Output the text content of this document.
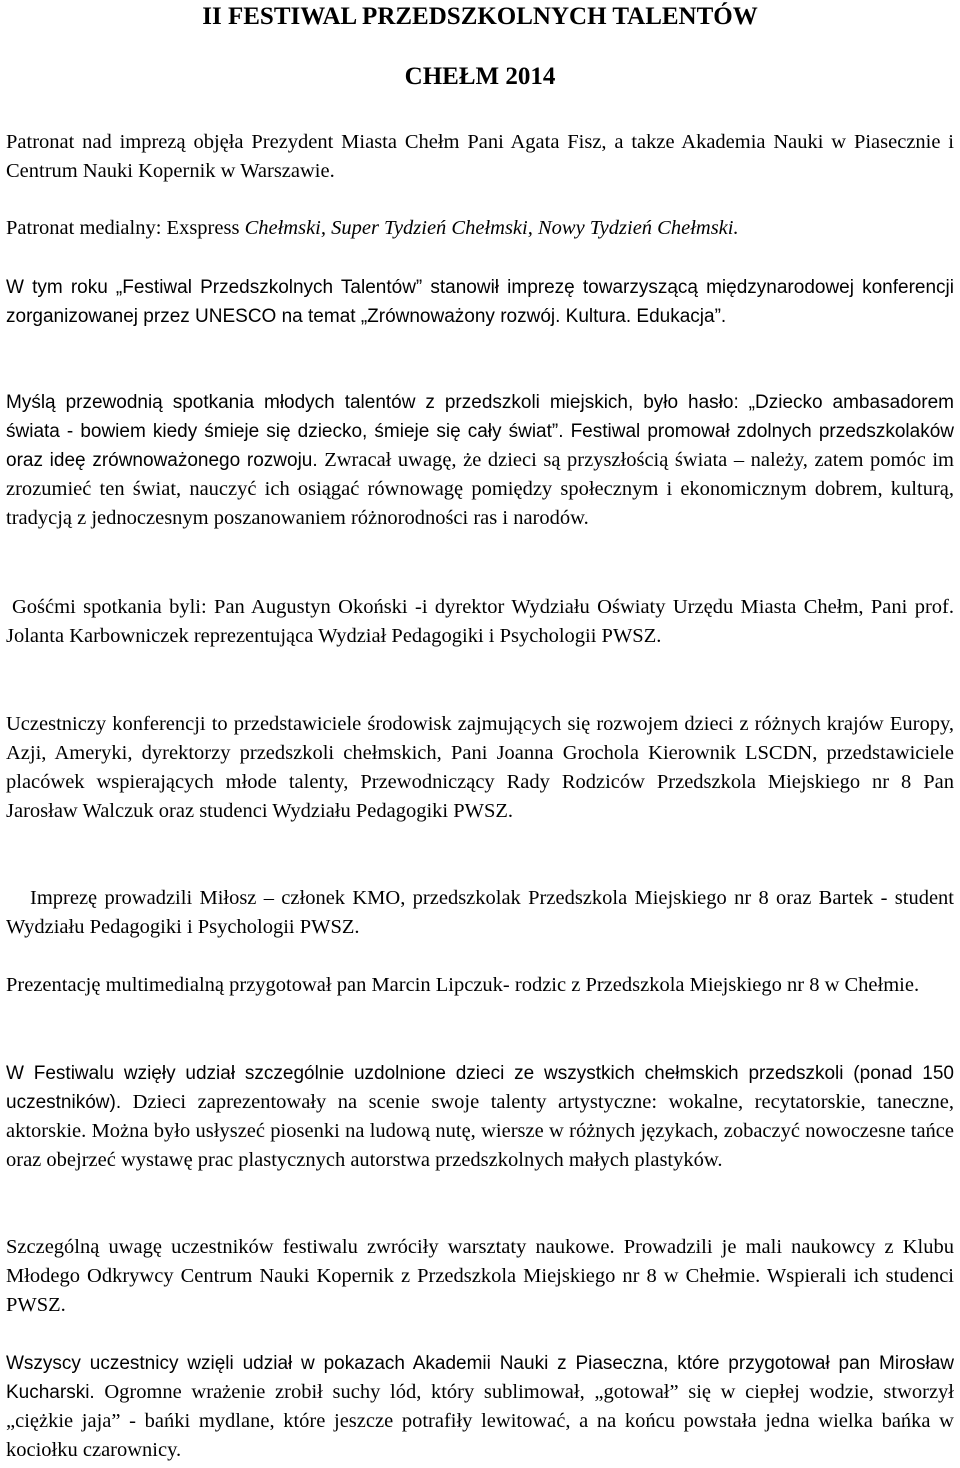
II FESTIWAL PRZEDSZKOLNYCH TALENTÓW
CHEŁM 2014

Patronat nad imprezą objęła Prezydent Miasta Chełm Pani Agata Fisz, a takze Akademia Nauki w Piasecznie i Centrum Nauki Kopernik w Warszawie.

Patronat medialny: Exspress Chełmski, Super Tydzień Chełmski, Nowy Tydzień Chełmski.

W tym roku „Festiwal Przedszkolnych Talentów” stanowił imprezę towarzyszącą międzynarodowej konferencji zorganizowanej przez UNESCO na temat „Zrównoważony rozwój. Kultura. Edukacja”.

Myślą przewodnią spotkania młodych talentów z przedszkoli miejskich, było hasło: „Dziecko ambasadorem świata - bowiem kiedy śmieje się dziecko, śmieje się cały świat”. Festiwal promował zdolnych przedszkolaków oraz ideę zrównoważonego rozwoju. Zwracał uwagę, że dzieci są przyszłością świata – należy, zatem pomóc im zrozumieć ten świat, nauczyć ich osiągać równowagę pomiędzy społecznym i ekonomicznym dobrem, kulturą, tradycją z jednoczesnym poszanowaniem różnorodności ras i narodów.

Gośćmi spotkania byli: Pan Augustyn Okoński -i dyrektor Wydziału Oświaty Urzędu Miasta Chełm, Pani prof. Jolanta Karbowniczek reprezentująca Wydział Pedagogiki i Psychologii PWSZ.

Uczestniczy konferencji to przedstawiciele środowisk zajmujących się rozwojem dzieci z różnych krajów Europy, Azji, Ameryki, dyrektorzy przedszkoli chełmskich, Pani Joanna Grochola Kierownik LSCDN, przedstawiciele placówek wspierających młode talenty, Przewodniczący Rady Rodziców Przedszkola Miejskiego nr 8 Pan Jarosław Walczuk oraz studenci Wydziału Pedagogiki PWSZ.

Imprezę prowadzili Miłosz – członek KMO, przedszkolak Przedszkola Miejskiego nr 8 oraz Bartek - student Wydziału Pedagogiki i Psychologii PWSZ.

Prezentację multimedialną przygotował pan Marcin Lipczuk- rodzic z Przedszkola Miejskiego nr 8 w Chełmie.

W Festiwalu wzięły udział szczególnie uzdolnione dzieci ze wszystkich chełmskich przedszkoli (ponad 150 uczestników). Dzieci zaprezentowały na scenie swoje talenty artystyczne: wokalne, recytatorskie, taneczne, aktorskie. Można było usłyszeć piosenki na ludową nutę, wiersze w różnych językach, zobaczyć nowoczesne tańce oraz obejrzeć wystawę prac plastycznych autorstwa przedszkolnych małych plastyków.

Szczególną uwagę uczestników festiwalu zwróciły warsztaty naukowe. Prowadzili je mali naukowcy z Klubu Młodego Odkrywcy Centrum Nauki Kopernik z Przedszkola Miejskiego nr 8 w Chełmie. Wspierali ich studenci PWSZ.

Wszyscy uczestnicy wzięli udział w pokazach Akademii Nauki z Piaseczna, które przygotował pan Mirosław Kucharski. Ogromne wrażenie zrobił suchy lód, który sublimował, „gotował” się w ciepłej wodzie, stworzył „ciężkie jaja” - bańki mydlane, które jeszcze potrafiły lewitować, a na końcu powstała jedna wielka bańka w kociołku czarownicy.
